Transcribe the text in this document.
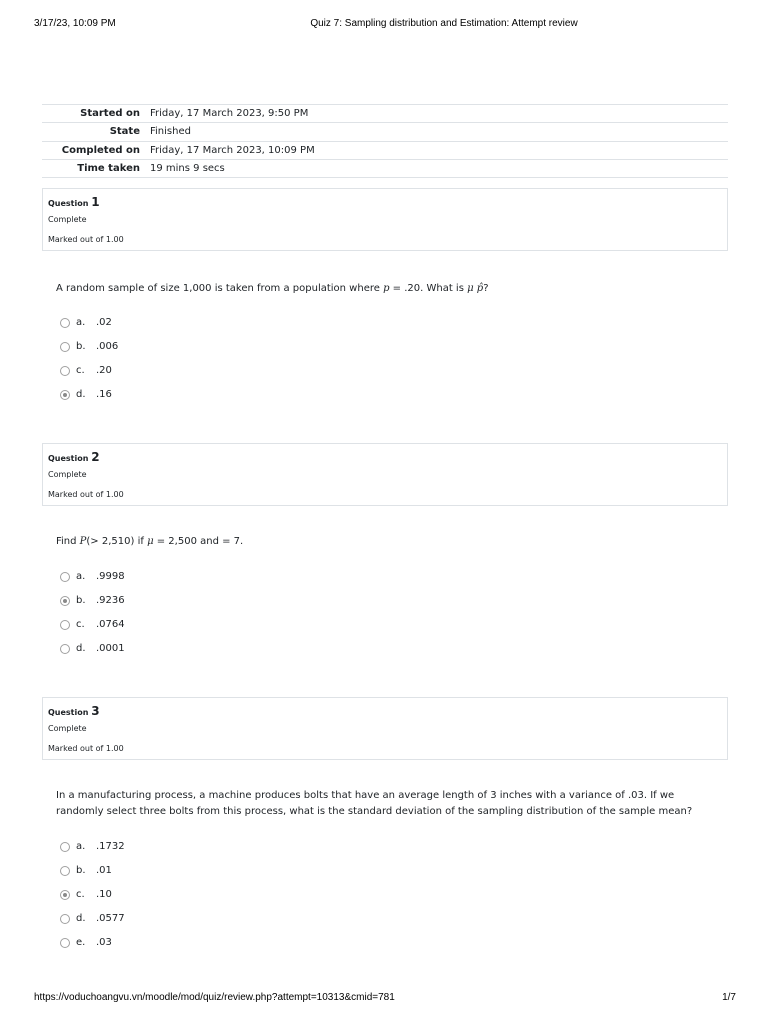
3/17/23, 10:09 PM	Quiz 7: Sampling distribution and Estimation: Attempt review
Started on	Friday, 17 March 2023, 9:50 PM
State	Finished
Completed on	Friday, 17 March 2023, 10:09 PM
Time taken	19 mins 9 secs
Question 1
Complete
Marked out of 1.00
A random sample of size 1,000 is taken from a population where p = .20. What is μ p̂?
a. .02
b. .006
c. .20
d. .16
Question 2
Complete
Marked out of 1.00
Find P(> 2,510) if μ = 2,500 and = 7.
a. .9998
b. .9236
c. .0764
d. .0001
Question 3
Complete
Marked out of 1.00
In a manufacturing process, a machine produces bolts that have an average length of 3 inches with a variance of .03. If we randomly select three bolts from this process, what is the standard deviation of the sampling distribution of the sample mean?
a. .1732
b. .01
c. .10
d. .0577
e. .03
https://voduchoangvu.vn/moodle/mod/quiz/review.php?attempt=10313&cmid=781	1/7
